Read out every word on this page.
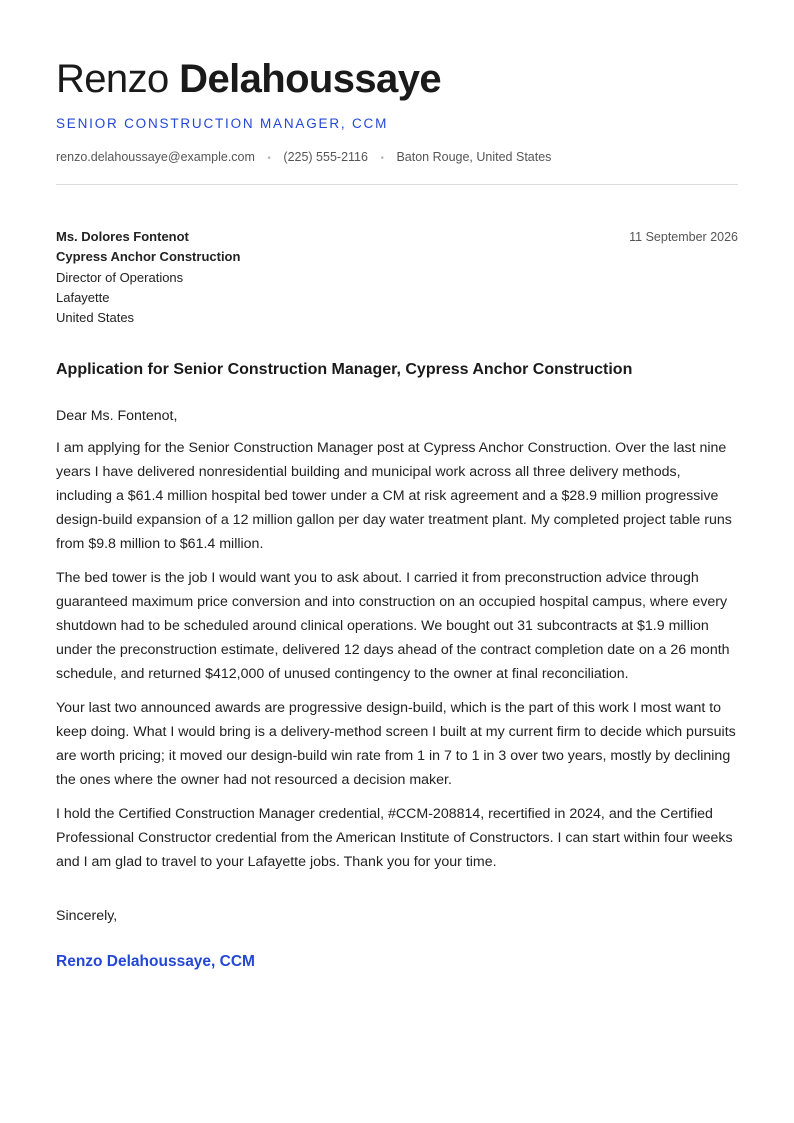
Renzo Delahoussaye
SENIOR CONSTRUCTION MANAGER, CCM
renzo.delahoussaye@example.com • (225) 555-2116 • Baton Rouge, United States
Ms. Dolores Fontenot
Cypress Anchor Construction
Director of Operations
Lafayette
United States
11 September 2026
Application for Senior Construction Manager, Cypress Anchor Construction
Dear Ms. Fontenot,

I am applying for the Senior Construction Manager post at Cypress Anchor Construction. Over the last nine years I have delivered nonresidential building and municipal work across all three delivery methods, including a $61.4 million hospital bed tower under a CM at risk agreement and a $28.9 million progressive design-build expansion of a 12 million gallon per day water treatment plant. My completed project table runs from $9.8 million to $61.4 million.

The bed tower is the job I would want you to ask about. I carried it from preconstruction advice through guaranteed maximum price conversion and into construction on an occupied hospital campus, where every shutdown had to be scheduled around clinical operations. We bought out 31 subcontracts at $1.9 million under the preconstruction estimate, delivered 12 days ahead of the contract completion date on a 26 month schedule, and returned $412,000 of unused contingency to the owner at final reconciliation.

Your last two announced awards are progressive design-build, which is the part of this work I most want to keep doing. What I would bring is a delivery-method screen I built at my current firm to decide which pursuits are worth pricing; it moved our design-build win rate from 1 in 7 to 1 in 3 over two years, mostly by declining the ones where the owner had not resourced a decision maker.

I hold the Certified Construction Manager credential, #CCM-208814, recertified in 2024, and the Certified Professional Constructor credential from the American Institute of Constructors. I can start within four weeks and I am glad to travel to your Lafayette jobs. Thank you for your time.

Sincerely,
Renzo Delahoussaye, CCM
